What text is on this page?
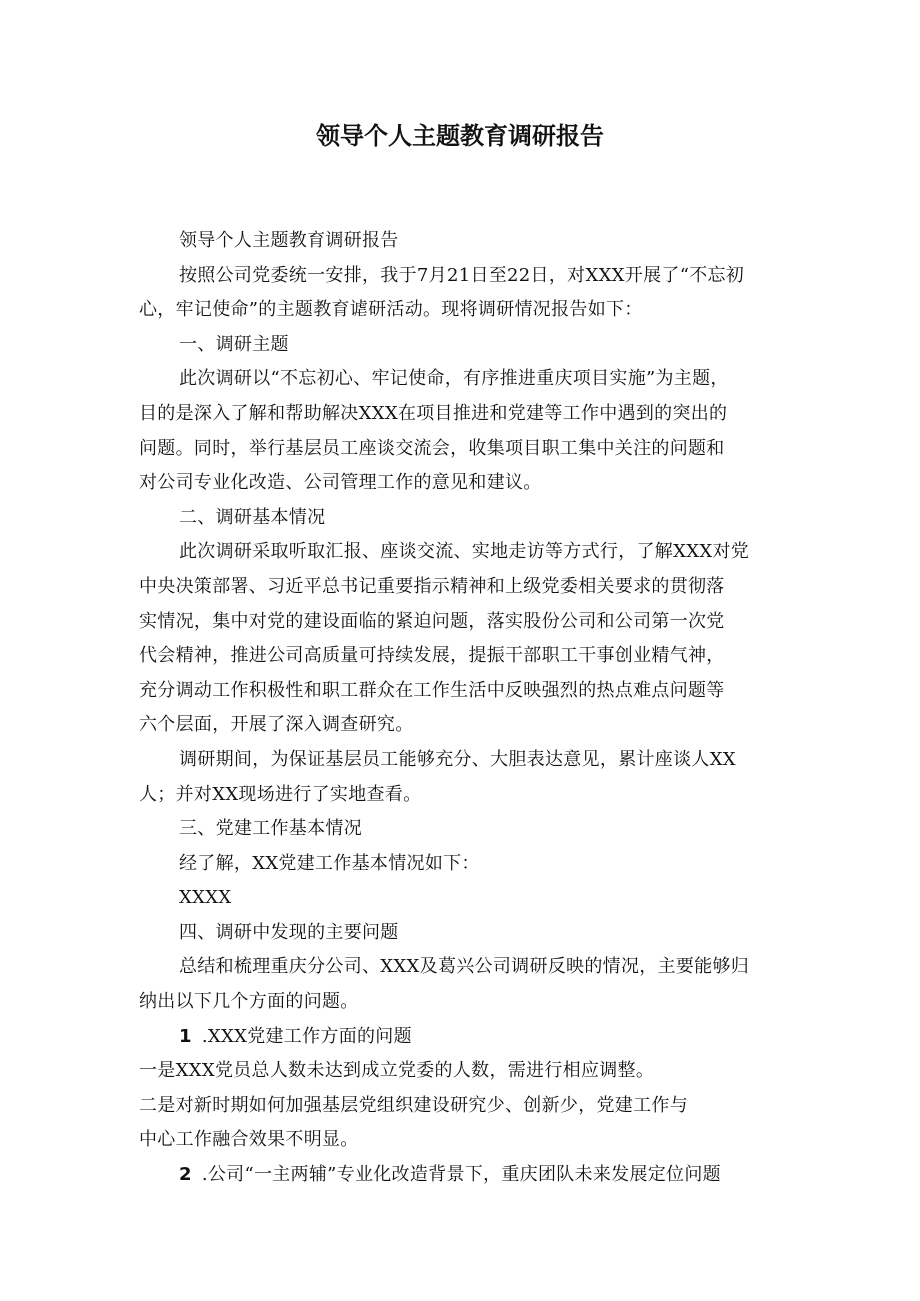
领导个人主题教育调研报告

领导个人主题教育调研报告

按照公司党委统一安排，我于7月21日至22日，对XXX开展了“不忘初

心，牢记使命”的主题教育谑研活动。现将调研情况报告如下：

一、调研主题

此次调研以“不忘初心、牢记使命，有序推进重庆项目实施”为主题，

目的是深入了解和帮助解决XXX在项目推进和党建等工作中遇到的突出的

问题。同时，举行基层员工座谈交流会，收集项目职工集中关注的问题和

对公司专业化改造、公司管理工作的意见和建议。

二、调研基本情况

此次调研采取听取汇报、座谈交流、实地走访等方式行，了解XXX对党

中央决策部署、习近平总书记重要指示精神和上级党委相关要求的贯彻落

实情况，集中对党的建设面临的紧迫问题，落实股份公司和公司第一次党

代会精神，推进公司高质量可持续发展，提振干部职工干事创业精气神，

充分调动工作积极性和职工群众在工作生活中反映强烈的热点难点问题等

六个层面，开展了深入调查研究。

调研期间，为保证基层员工能够充分、大胆表达意见，累计座谈人XX

人；并对XX现场进行了实地查看。

三、党建工作基本情况

经了解，XX党建工作基本情况如下：

XXXX

四、调研中发现的主要问题

总结和梳理重庆分公司、XXX及葛兴公司调研反映的情况，主要能够归

纳出以下几个方面的问题。

1 .XXX党建工作方面的问题

一是XXX党员总人数未达到成立党委的人数，需进行相应调整。

二是对新时期如何加强基层党组织建设研究少、创新少，党建工作与

中心工作融合效果不明显。

2 .公司“一主两辅”专业化改造背景下，重庆团队未来发展定位问题
